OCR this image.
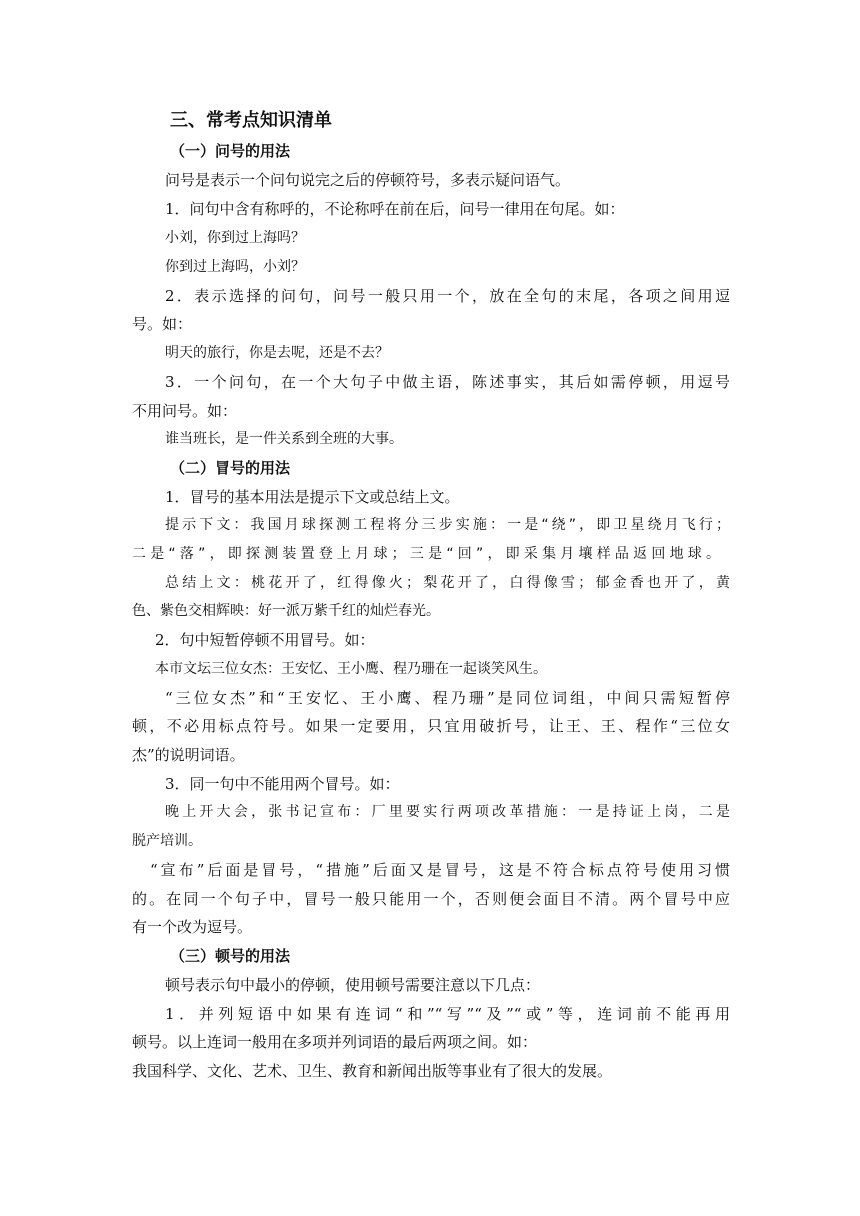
三、常考点知识清单

（一）问号的用法

问号是表示一个问句说完之后的停顿符号，多表示疑问语气。

1．问句中含有称呼的，不论称呼在前在后，问号一律用在句尾。如：

小刘，你到过上海吗？

你到过上海吗，小刘？

2．表示选择的问句，问号一般只用一个，放在全句的末尾，各项之间用逗

号。如：

明天的旅行，你是去呢，还是不去？

3．一个问句，在一个大句子中做主语，陈述事实，其后如需停顿，用逗号

不用问号。如：

谁当班长，是一件关系到全班的大事。

（二）冒号的用法

1．冒号的基本用法是提示下文或总结上文。

提示下文：我国月球探测工程将分三步实施：一是“绕”，即卫星绕月飞行；

二是“落”，即探测装置登上月球；三是“回”，即采集月壤样品返回地球。

总结上文：桃花开了，红得像火；梨花开了，白得像雪；郁金香也开了，黄

色、紫色交相辉映：好一派万紫千红的灿烂春光。

2．句中短暂停顿不用冒号。如：

本市文坛三位女杰：王安忆、王小鹰、程乃珊在一起谈笑风生。

“三位女杰”和“王安忆、王小鹰、程乃珊”是同位词组，中间只需短暂停

顿，不必用标点符号。如果一定要用，只宜用破折号，让王、王、程作“三位女

杰”的说明词语。

3．同一句中不能用两个冒号。如：

晚上开大会，张书记宣布：厂里要实行两项改革措施：一是持证上岗，二是

脱产培训。

“宣布”后面是冒号，“措施”后面又是冒号，这是不符合标点符号使用习惯

的。在同一个句子中，冒号一般只能用一个，否则便会面目不清。两个冒号中应

有一个改为逗号。

（三）顿号的用法

顿号表示句中最小的停顿，使用顿号需要注意以下几点：

1．并列短语中如果有连词“和”“写”“及”“或”等，连词前不能再用

顿号。以上连词一般用在多项并列词语的最后两项之间。如：

我国科学、文化、艺术、卫生、教育和新闻出版等事业有了很大的发展。
